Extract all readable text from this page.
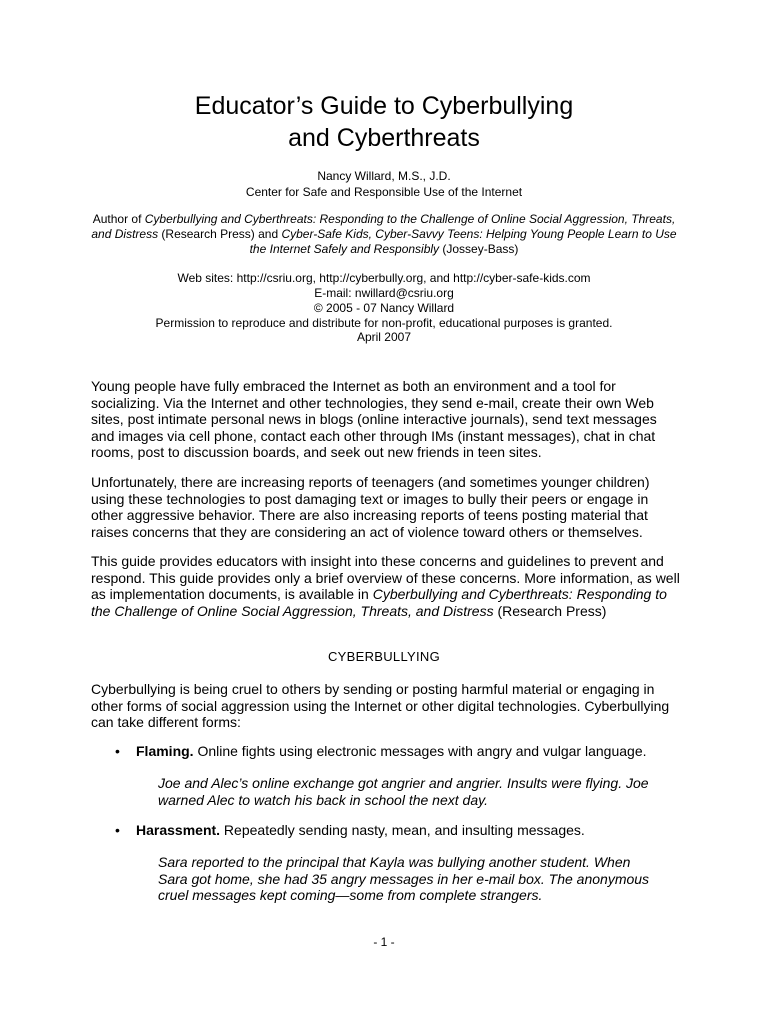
Educator’s Guide to Cyberbullying
and Cyberthreats
Nancy Willard, M.S., J.D.
Center for Safe and Responsible Use of the Internet
Author of Cyberbullying and Cyberthreats: Responding to the Challenge of Online Social Aggression, Threats, and Distress (Research Press) and Cyber-Safe Kids, Cyber-Savvy Teens: Helping Young People Learn to Use the Internet Safely and Responsibly (Jossey-Bass)
Web sites: http://csriu.org, http://cyberbully.org, and http://cyber-safe-kids.com
E-mail: nwillard@csriu.org
© 2005 - 07 Nancy Willard
Permission to reproduce and distribute for non-profit, educational purposes is granted.
April 2007
Young people have fully embraced the Internet as both an environment and a tool for socializing. Via the Internet and other technologies, they send e-mail, create their own Web sites, post intimate personal news in blogs (online interactive journals), send text messages and images via cell phone, contact each other through IMs (instant messages), chat in chat rooms, post to discussion boards, and seek out new friends in teen sites.
Unfortunately, there are increasing reports of teenagers (and sometimes younger children) using these technologies to post damaging text or images to bully their peers or engage in other aggressive behavior. There are also increasing reports of teens posting material that raises concerns that they are considering an act of violence toward others or themselves.
This guide provides educators with insight into these concerns and guidelines to prevent and respond. This guide provides only a brief overview of these concerns. More information, as well as implementation documents, is available in Cyberbullying and Cyberthreats: Responding to the Challenge of Online Social Aggression, Threats, and Distress (Research Press)
CYBERBULLYING
Cyberbullying is being cruel to others by sending or posting harmful material or engaging in other forms of social aggression using the Internet or other digital technologies. Cyberbullying can take different forms:
• Flaming. Online fights using electronic messages with angry and vulgar language.
Joe and Alec’s online exchange got angrier and angrier. Insults were flying. Joe warned Alec to watch his back in school the next day.
• Harassment. Repeatedly sending nasty, mean, and insulting messages.
Sara reported to the principal that Kayla was bullying another student. When Sara got home, she had 35 angry messages in her e-mail box. The anonymous cruel messages kept coming—some from complete strangers.
- 1 -
